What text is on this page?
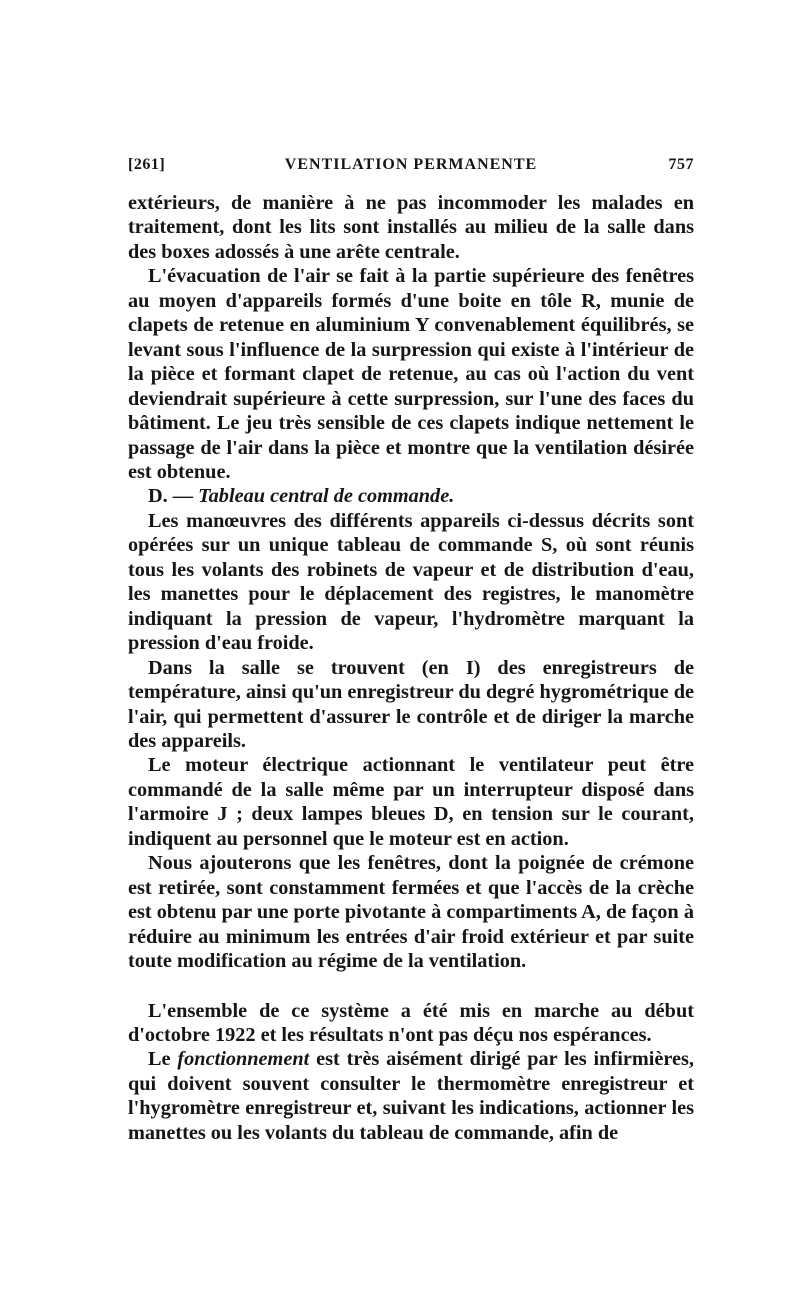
[261]	VENTILATION PERMANENTE	757

extérieurs, de manière à ne pas incommoder les malades en traitement, dont les lits sont installés au milieu de la salle dans des boxes adossés à une arête centrale.

L'évacuation de l'air se fait à la partie supérieure des fenêtres au moyen d'appareils formés d'une boite en tôle R, munie de clapets de retenue en aluminium Y convenablement équilibrés, se levant sous l'influence de la surpression qui existe à l'intérieur de la pièce et formant clapet de retenue, au cas où l'action du vent deviendrait supérieure à cette surpression, sur l'une des faces du bâtiment. Le jeu très sensible de ces clapets indique nettement le passage de l'air dans la pièce et montre que la ventilation désirée est obtenue.

D. — Tableau central de commande.

Les manœuvres des différents appareils ci-dessus décrits sont opérées sur un unique tableau de commande S, où sont réunis tous les volants des robinets de vapeur et de distribution d'eau, les manettes pour le déplacement des registres, le manomètre indiquant la pression de vapeur, l'hydromètre marquant la pression d'eau froide.

Dans la salle se trouvent (en I) des enregistreurs de température, ainsi qu'un enregistreur du degré hygrométrique de l'air, qui permettent d'assurer le contrôle et de diriger la marche des appareils.

Le moteur électrique actionnant le ventilateur peut être commandé de la salle même par un interrupteur disposé dans l'armoire J ; deux lampes bleues D, en tension sur le courant, indiquent au personnel que le moteur est en action.

Nous ajouterons que les fenêtres, dont la poignée de crémone est retirée, sont constamment fermées et que l'accès de la crèche est obtenu par une porte pivotante à compartiments A, de façon à réduire au minimum les entrées d'air froid extérieur et par suite toute modification au régime de la ventilation.

L'ensemble de ce système a été mis en marche au début d'octobre 1922 et les résultats n'ont pas déçu nos espérances.

Le fonctionnement est très aisément dirigé par les infirmières, qui doivent souvent consulter le thermomètre enregistreur et l'hygromètre enregistreur et, suivant les indications, actionner les manettes ou les volants du tableau de commande, afin de
